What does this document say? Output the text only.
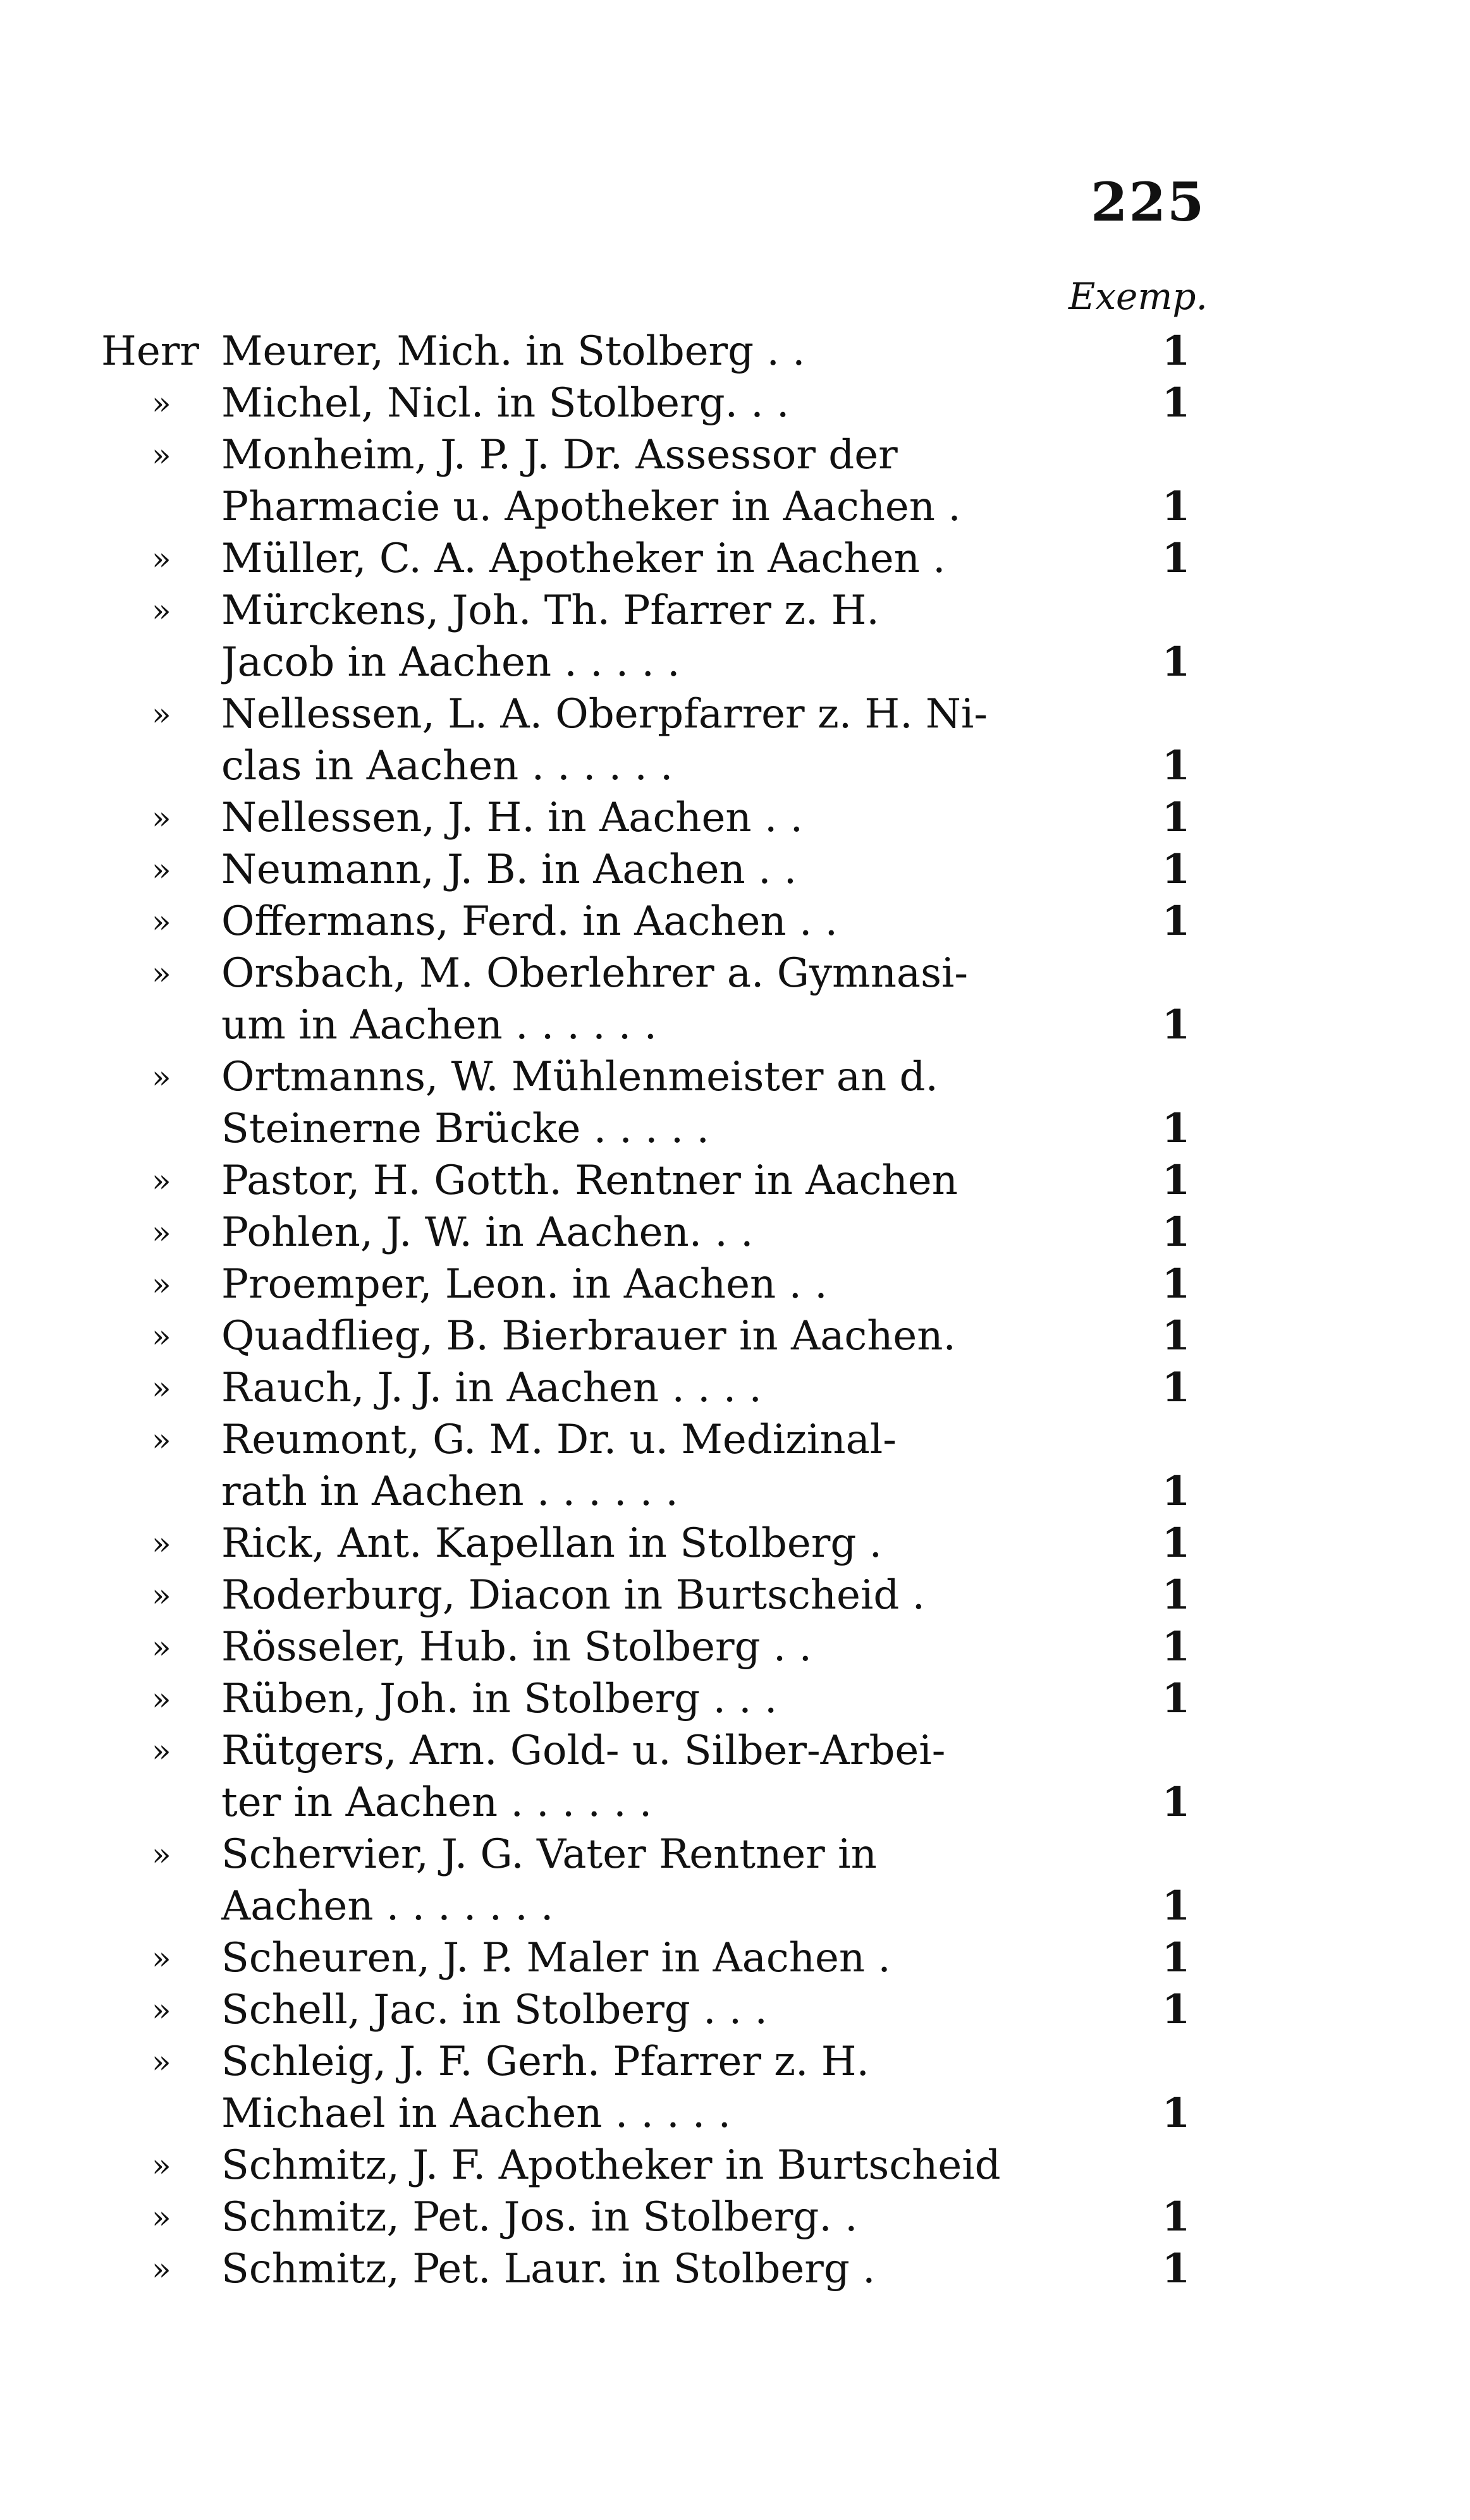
225
Exemp.
Herr Meurer, Mich. in Stolberg . .	1
»	Michel, Nicl. in Stolberg. . .	1
»	Monheim, J. P. J. Dr. Assessor der
Pharmacie u. Apotheker in Aachen .	1
»	Müller, C. A. Apotheker in Aachen .	1
»	Mürckens, Joh. Th. Pfarrer z. H.
Jacob in Aachen . . . . .	1
»	Nellessen, L. A. Oberpfarrer z. H. Ni-
clas in Aachen . . . . . .	1
»	Nellessen, J. H. in Aachen . .	1
»	Neumann, J. B. in Aachen . .	1
»	Offermans, Ferd. in Aachen . .	1
»	Orsbach, M. Oberlehrer a. Gymnasi-
um in Aachen . . . . . .	1
»	Ortmanns, W. Mühlenmeister an d.
Steinerne Brücke . . . . .	1
»	Pastor, H. Gotth. Rentner in Aachen	1
»	Pohlen, J. W. in Aachen. . .	1
»	Proemper, Leon. in Aachen . .	1
»	Quadflieg, B. Bierbrauer in Aachen.	1
»	Rauch, J. J. in Aachen . . . .	1
»	Reumont, G. M. Dr. u. Medizinal-
rath in Aachen . . . . . .	1
»	Rick, Ant. Kapellan in Stolberg .	1
»	Roderburg, Diacon in Burtscheid .	1
»	Rösseler, Hub. in Stolberg . .	1
»	Rüben, Joh. in Stolberg . . .	1
»	Rütgers, Arn. Gold- u. Silber-Arbei-
ter in Aachen . . . . . .	1
»	Schervier, J. G. Vater Rentner in
Aachen . . . . . . .	1
»	Scheuren, J. P. Maler in Aachen .	1
»	Schell, Jac. in Stolberg . . .	1
»	Schleig, J. F. Gerh. Pfarrer z. H.
Michael in Aachen . . . . .	1
»	Schmitz, J. F. Apotheker in Burtscheid
»	Schmitz, Pet. Jos. in Stolberg. .	1
»	Schmitz, Pet. Laur. in Stolberg .	1
